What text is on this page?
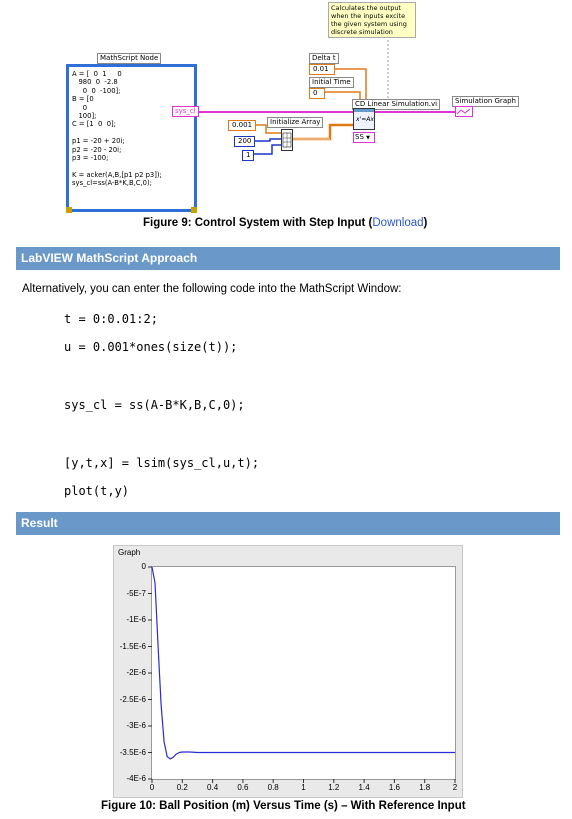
Calculates the output
when the inputs excite
the given system using
discrete simulation
MathScript Node
A = [  0  1     0
980  0  -2.8
0  0  -100];
B = [0
0
100];
C = [1  0  0];

p1 = -20 + 20i;
p2 = -20 - 20i;
p3 = -100;

K = acker(A,B,[p1 p2 p3]);
sys_cl=ss(A-B*K,B,C,0);
sys_cl
Delta t
0.01
Initial Time
0
CD Linear Simulation.vi
x'=Ax
SS ▼
Simulation Graph
Initialize Array
0.001
200
1
Figure 9: Control System with Step Input (Download)
LabVIEW MathScript Approach
Alternatively, you can enter the following code into the MathScript Window:
t = 0:0.01:2;
u = 0.001*ones(size(t));
sys_cl = ss(A-B*K,B,C,0);
[y,t,x] = lsim(sys_cl,u,t);
plot(t,y)
Result
Graph
0
-5E-7
-1E-6
-1.5E-6
-2E-6
-2.5E-6
-3E-6
-3.5E-6
-4E-6
0	0.2	0.4	0.6	0.8	1	1.2	1.4	1.6	1.8	2
Figure 10: Ball Position (m) Versus Time (s) – With Reference Input
